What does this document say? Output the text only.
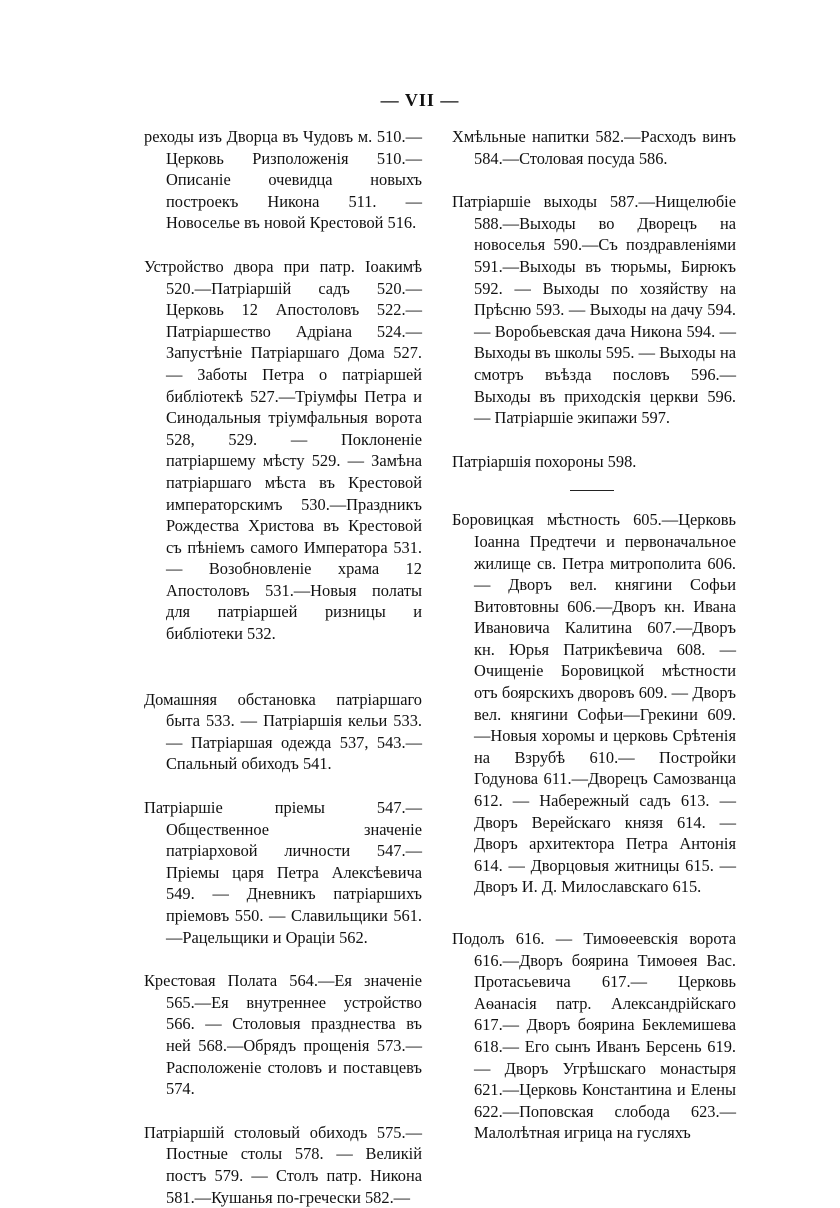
— VII —

реходы изъ Дворца въ Чудовъ м. 510.—Церковь Ризположенія 510.— Описаніе очевидца новыхъ построекъ Никона 511. — Новоселье въ новой Крестовой 516.

Устройство двора при патр. Іоакимѣ 520.—Патріаршій садъ 520.—Церковь 12 Апостоловъ 522.—Патріаршество Адріана 524.—Запустѣніе Патріаршаго Дома 527. — Заботы Петра о патріаршей библіотекѣ 527.—Тріумфы Петра и Синодальныя тріумфальныя ворота 528, 529. — Поклоненіе патріаршему мѣсту 529. — Замѣна патріаршаго мѣста въ Крестовой императорскимъ 530.—Праздникъ Рождества Христова въ Крестовой съ пѣніемъ самого Императора 531.— Возобновленіе храма 12 Апостоловъ 531.—Новыя полаты для патріаршей ризницы и библіотеки 532.

Домашняя обстановка патріаршаго быта 533. — Патріаршія кельи 533. — Патріаршая одежда 537, 543.—Спальный обиходъ 541.

Патріаршіе пріемы 547.—Общественное значеніе патріарховой личности 547.—Пріемы царя Петра Алексѣевича 549. — Дневникъ патріаршихъ пріемовъ 550. — Славильщики 561.—Рацельщики и Ораціи 562.

Крестовая Полата 564.—Ея значеніе 565.—Ея внутреннее устройство 566. — Столовыя празднества въ ней 568.—Обрядъ прощенія 573.— Расположеніе столовъ и поставцевъ 574.

Патріаршій столовый обиходъ 575.— Постные столы 578. — Великій постъ 579. — Столъ патр. Никона 581.—Кушанья по-гречески 582.—

Хмѣльные напитки 582.—Расходъ винъ 584.—Столовая посуда 586.

Патріаршіе выходы 587.—Нищелюбіе 588.—Выходы во Дворецъ на новоселья 590.—Съ поздравленіями 591.—Выходы въ тюрьмы, Бирюкъ 592. — Выходы по хозяйству на Прѣсню 593. — Выходы на дачу 594. — Воробьевская дача Никона 594. — Выходы въ школы 595. — Выходы на смотръ въѣзда пословъ 596.—Выходы въ приходскія церкви 596. — Патріаршіе экипажи 597.

Патріаршія похороны 598.

Боровицкая мѣстность 605.—Церковь Іоанна Предтечи и первоначальное жилище св. Петра митрополита 606. — Дворъ вел. княгини Софьи Витовтовны 606.—Дворъ кн. Ивана Ивановича Калитина 607.—Дворъ кн. Юрья Патрикѣевича 608. — Очищеніе Боровицкой мѣстности отъ боярскихъ дворовъ 609. — Дворъ вел. княгини Софьи—Грекини 609.—Новыя хоромы и церковь Срѣтенія на Взрубѣ 610.— Постройки Годунова 611.—Дворецъ Самозванца 612. — Набережный садъ 613. — Дворъ Верейскаго князя 614. — Дворъ архитектора Петра Антонія 614. — Дворцовыя житницы 615. — Дворъ И. Д. Милославскаго 615.

Подолъ 616. — Тимоѳеевскія ворота 616.—Дворъ боярина Тимоѳея Вас. Протасьевича 617.— Церковь Аѳанасія патр. Александрійскаго 617.— Дворъ боярина Беклемишева 618.— Его сынъ Иванъ Берсень 619.— Дворъ Угрѣшскаго монастыря 621.—Церковь Константина и Елены 622.—Поповская слобода 623.— Малолѣтная игрица на гусляхъ
